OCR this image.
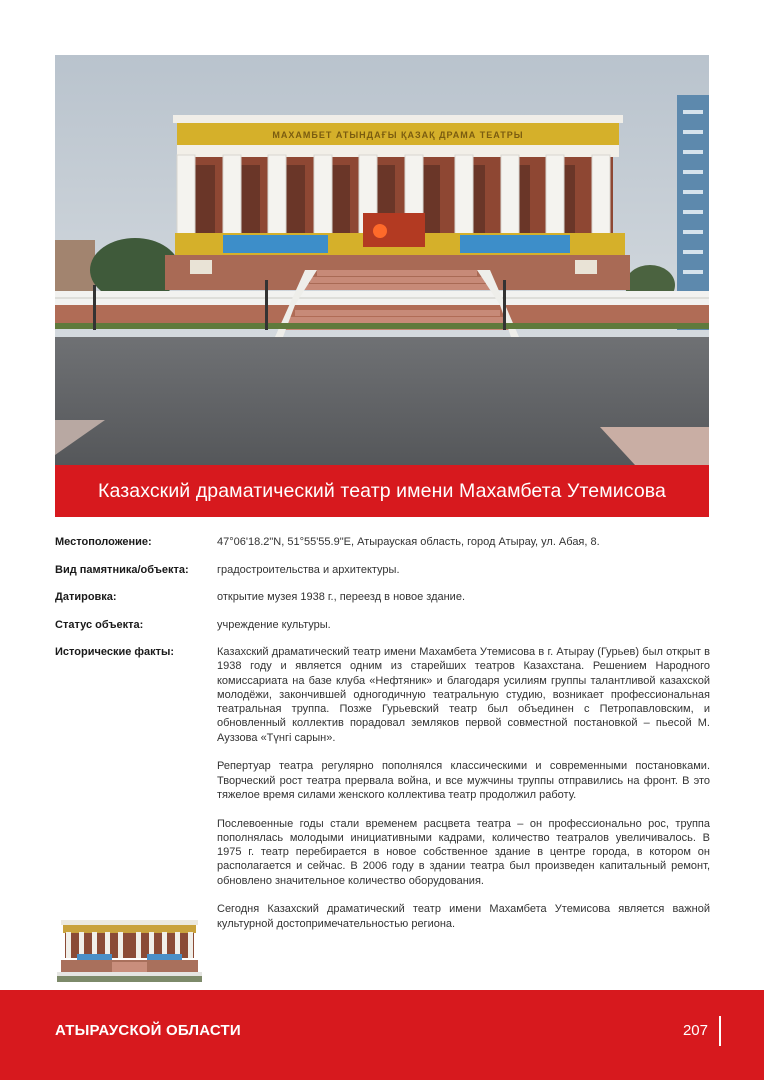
МАХАМБЕТ АТЫНДАҒЫ ҚАЗАҚ ДРАМА ТЕАТРЫ
Казахский драматический театр имени Махамбета Утемисова
Местоположение:	47°06'18.2"N, 51°55'55.9"E, Атырауская область, город Атырау, ул. Абая, 8.
Вид памятника/объекта:	градостроительства и архитектуры.
Датировка:	открытие музея 1938 г., переезд в новое здание.
Статус объекта:	учреждение культуры.
Исторические факты:	Казахский драматический театр имени Махамбета Утемисова в г. Атырау (Гурьев) был открыт в 1938 году и является одним из старейших театров Казахстана. Решением Народного комиссариата на базе клуба «Нефтяник» и благодаря усилиям группы талантливой казахской молодёжи, закончившей одногодичную театральную студию, возникает профессиональная театральная труппа. Позже Гурьевский театр был объединен с Петропавловским, и обновленный коллектив порадовал земляков первой совместной постановкой – пьесой М. Ауззова «Түнгі сарын».

Репертуар театра регулярно пополнялся классическими и современными постановками. Творческий рост театра прервала война, и все мужчины труппы отправились на фронт. В это тяжелое время силами женского коллектива театр продолжил работу.

Послевоенные годы стали временем расцвета театра – он профессионально рос, труппа пополнялась молодыми инициативными кадрами, количество театралов увеличивалось. В 1975 г. театр перебирается в новое собственное здание в центре города, в котором он располагается и сейчас. В 2006 году в здании театра был произведен капитальный ремонт, обновлено значительное количество оборудования.

Сегодня Казахский драматический театр имени Махамбета Утемисова является важной культурной достопримечательностью региона.

АТЫРАУСКОЙ ОБЛАСТИ	207
